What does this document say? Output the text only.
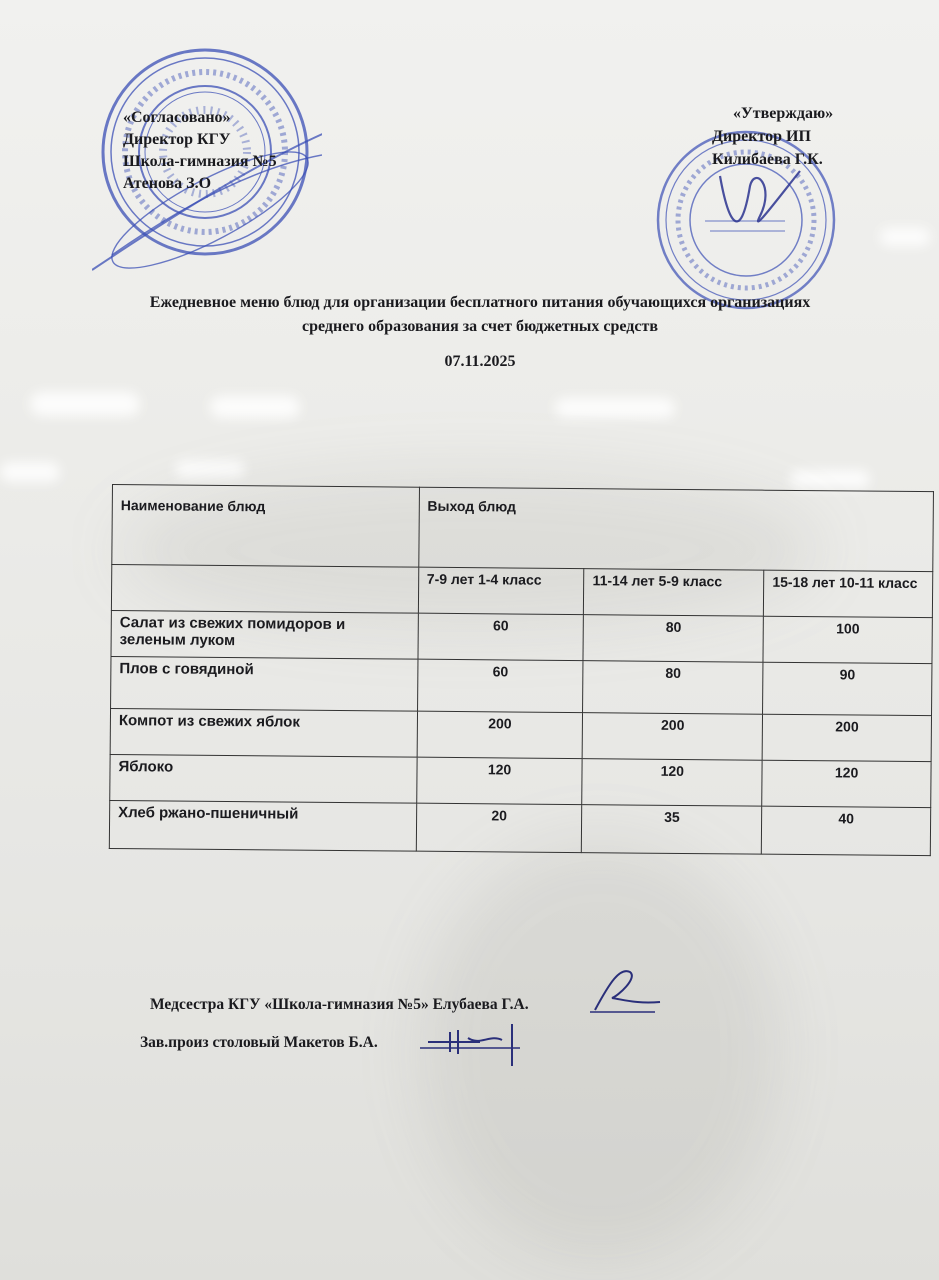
«Согласовано»
Директор КГУ
Школа-гимназия №5
Атенова З.О
«Утверждаю»
Директор ИП
Килибаева Г.К.
Ежедневное меню блюд для организации бесплатного питания обучающихся организациях
среднего образования за счет бюджетных средств
07.11.2025
Наименование блюд	Выход блюд		
	7-9 лет 1-4 класс	11-14 лет 5-9 класс	15-18 лет 10-11 класс
Салат из свежих помидоров и зеленым луком	60	80	100
Плов с говядиной	60	80	90
Компот из свежих яблок	200	200	200
Яблоко	120	120	120
Хлеб ржано-пшеничный	20	35	40
Медсестра КГУ «Школа-гимназия №5» Елубаева Г.А.
Зав.произ столовый Макетов Б.А.
